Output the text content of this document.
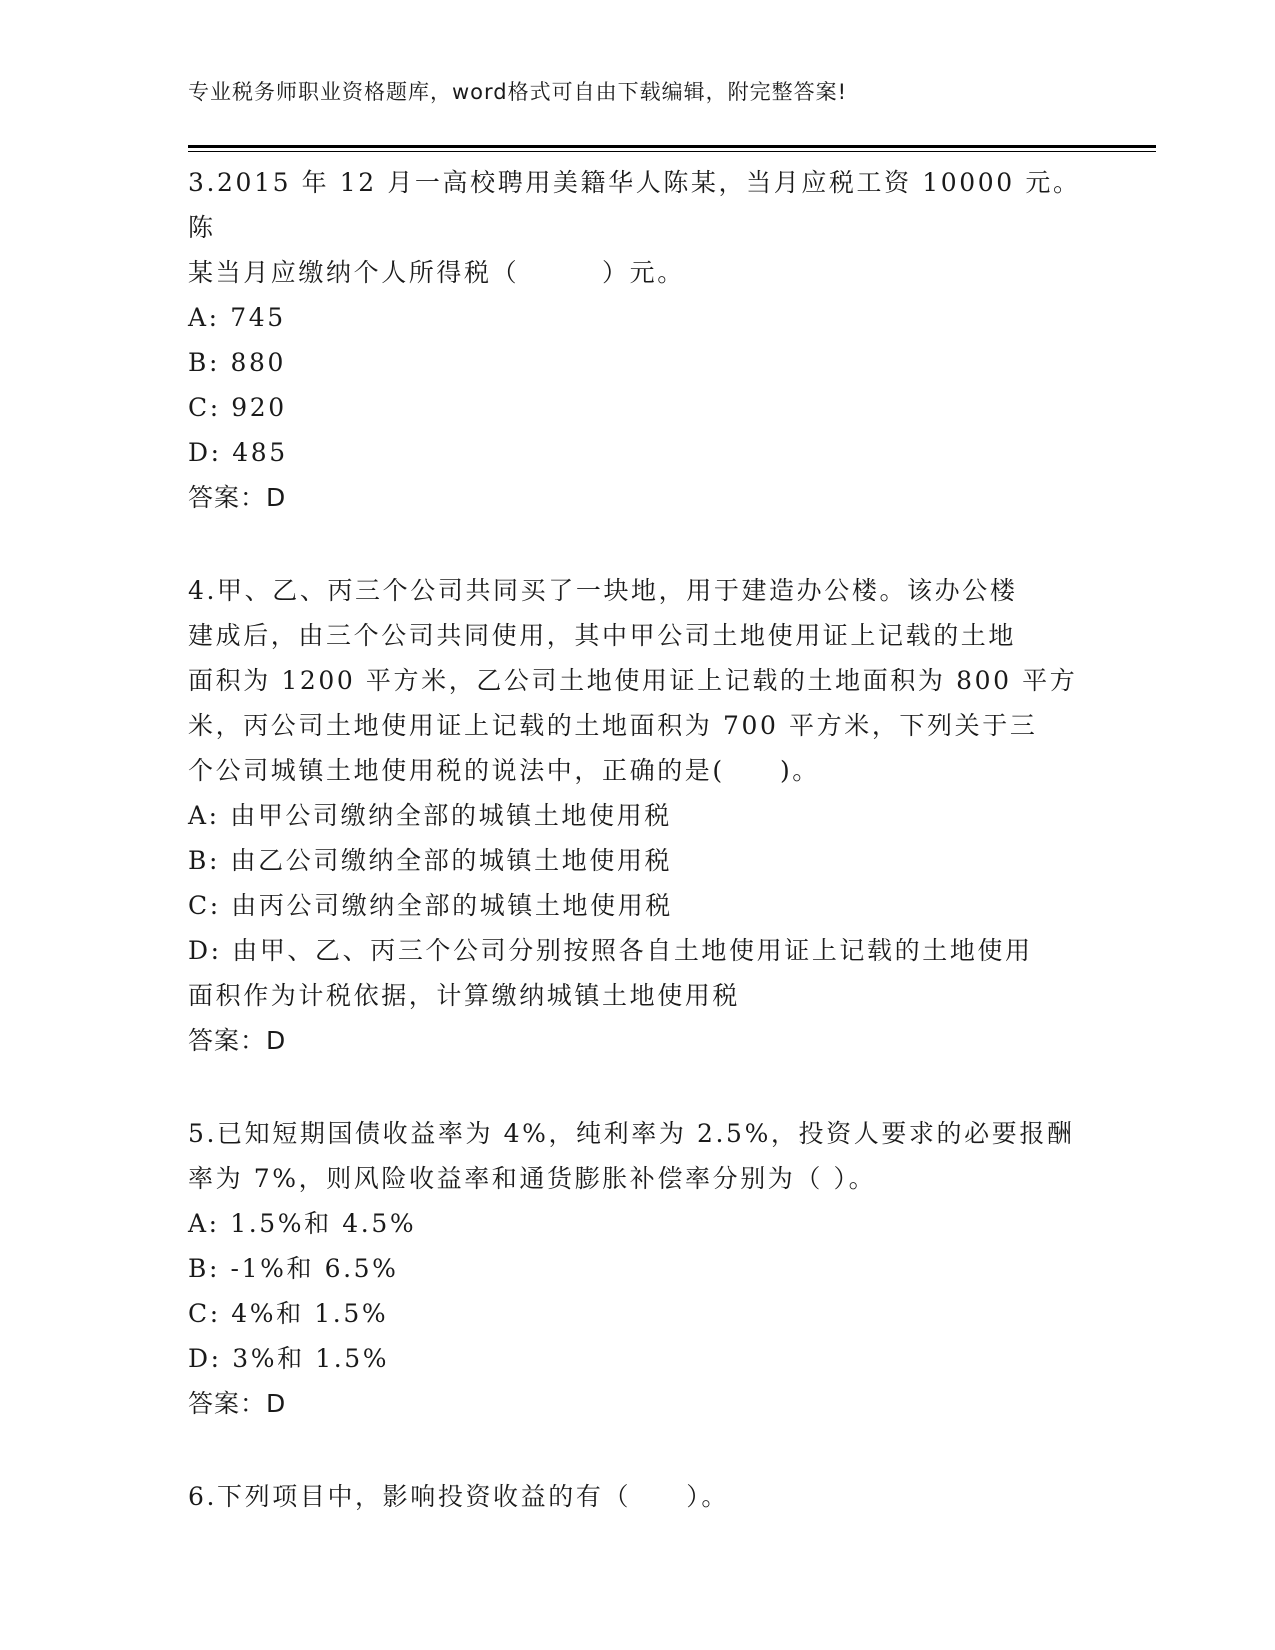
专业税务师职业资格题库，word格式可自由下载编辑，附完整答案!

3.2015 年 12 月一高校聘用美籍华人陈某，当月应税工资 10000 元。陈

某当月应缴纳个人所得税（　　　）元。

A: 745

B: 880

C: 920

D: 485

答案：D

4.甲、乙、丙三个公司共同买了一块地，用于建造办公楼。该办公楼

建成后，由三个公司共同使用，其中甲公司土地使用证上记载的土地

面积为 1200 平方米，乙公司土地使用证上记载的土地面积为 800 平方

米，丙公司土地使用证上记载的土地面积为 700 平方米，下列关于三

个公司城镇土地使用税的说法中，正确的是(　　)。

A: 由甲公司缴纳全部的城镇土地使用税

B: 由乙公司缴纳全部的城镇土地使用税

C: 由丙公司缴纳全部的城镇土地使用税

D: 由甲、乙、丙三个公司分别按照各自土地使用证上记载的土地使用

面积作为计税依据，计算缴纳城镇土地使用税

答案：D

5.已知短期国债收益率为 4%，纯利率为 2.5%，投资人要求的必要报酬

率为 7%，则风险收益率和通货膨胀补偿率分别为（ ）。

A: 1.5%和 4.5%

B: -1%和 6.5%

C: 4%和 1.5%

D: 3%和 1.5%

答案：D

6.下列项目中，影响投资收益的有（　　）。
